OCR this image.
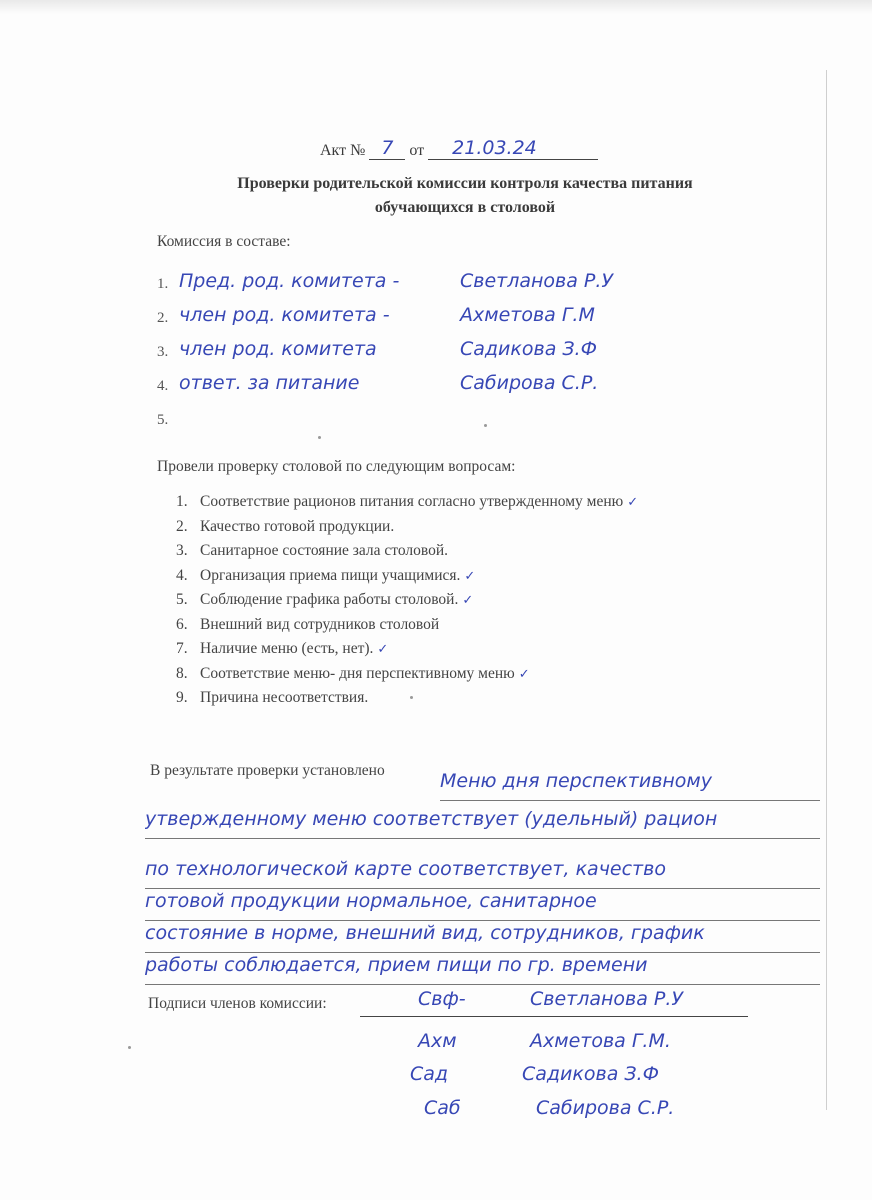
Акт № 7 от 21.03.24
Проверки родительской комиссии контроля качества питания
обучающихся в столовой
Комиссия в составе:
1. Пред. род. комитета -	Светланова Р.У
2. член род. комитета -	Ахметова Г.М
3. член род. комитета	Садикова З.Ф
4. ответ. за питание	Сабирова С.Р.
5.
Провели проверку столовой по следующим вопросам:
1. Соответствие рационов питания согласно утвержденному меню ✓
2. Качество готовой продукции.
3. Санитарное состояние зала столовой.
4. Организация приема пищи учащимися. ✓
5. Соблюдение графика работы столовой. ✓
6. Внешний вид сотрудников столовой
7. Наличие меню (есть, нет). ✓
8. Соответствие меню- дня перспективному меню ✓
9. Причина несоответствия.
В результате проверки установлено	Меню дня перспективному
утвержденному меню соответствует (удельный) рацион
по технологической карте соответствует, качество
готовой продукции нормальное, санитарное
состояние в норме, внешний вид, сотрудников, график
работы соблюдается, прием пищи по гр. времени
Подписи членов комиссии:	Свф-	Светланова Р.У
Ахм	Ахметова Г.М.
Сад	Садикова З.Ф
Саб	Сабирова С.Р.
